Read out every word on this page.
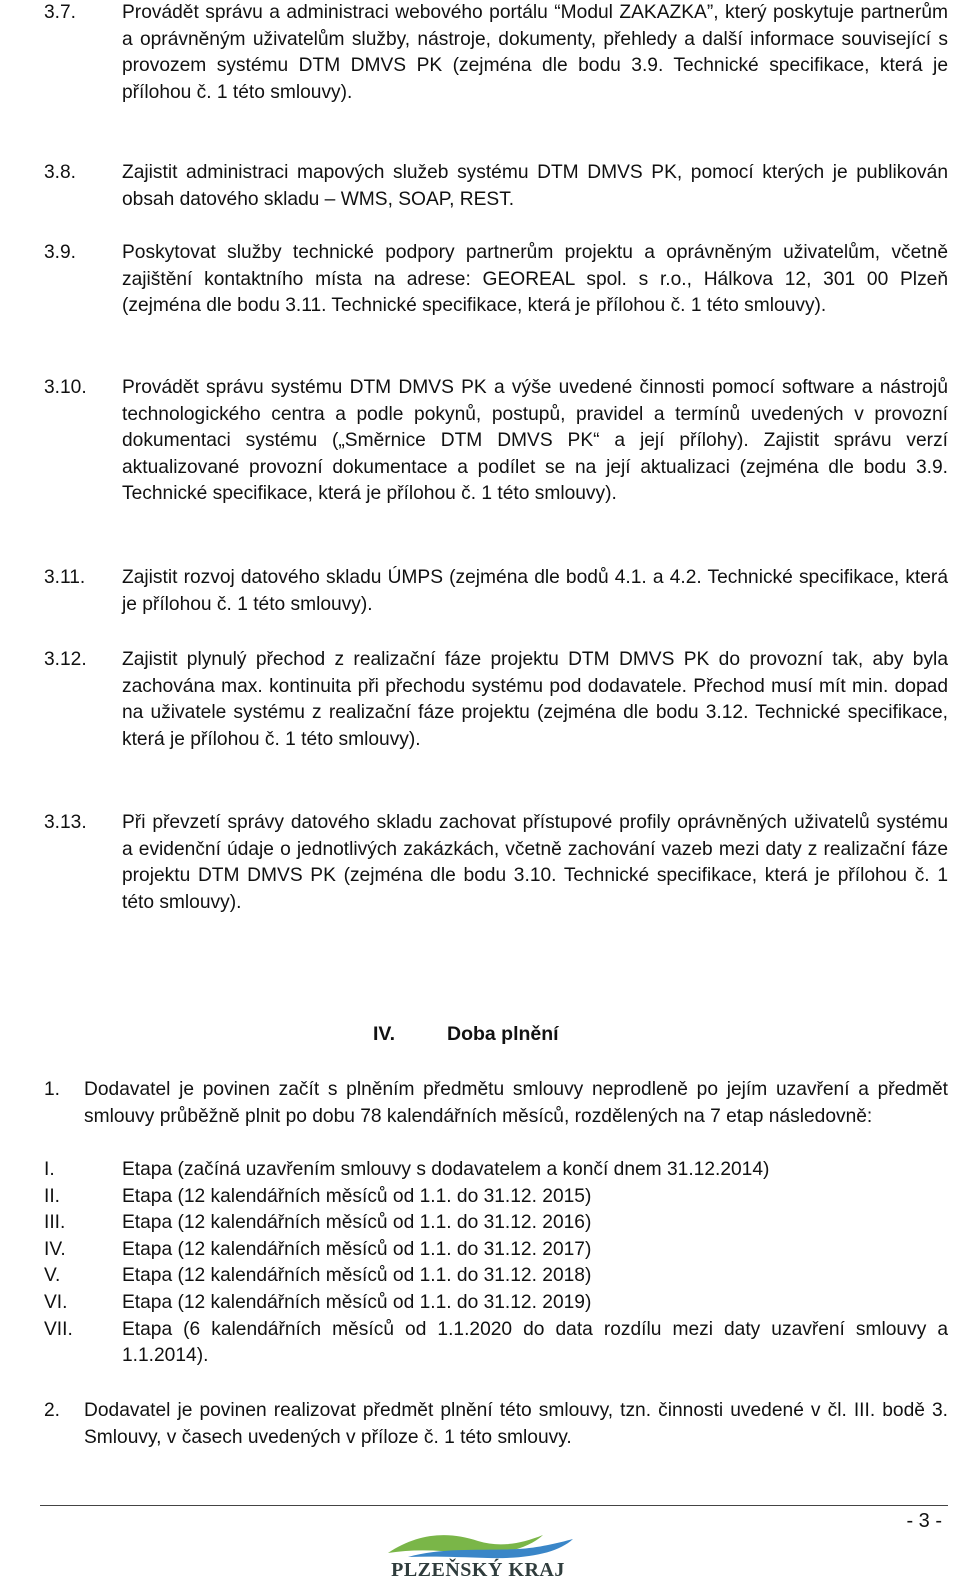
3.7. Provádět správu a administraci webového portálu “Modul ZAKAZKA”, který poskytuje partnerům a oprávněným uživatelům služby, nástroje, dokumenty, přehledy a další informace související s provozem systému DTM DMVS PK (zejména dle bodu 3.9. Technické specifikace, která je přílohou č. 1 této smlouvy).
3.8. Zajistit administraci mapových služeb systému DTM DMVS PK, pomocí kterých je publikován obsah datového skladu – WMS, SOAP, REST.
3.9. Poskytovat služby technické podpory partnerům projektu a oprávněným uživatelům, včetně zajištění kontaktního místa na adrese: GEOREAL spol. s r.o., Hálkova 12, 301 00 Plzeň (zejména dle bodu 3.11. Technické specifikace, která je přílohou č. 1 této smlouvy).
3.10. Provádět správu systému DTM DMVS PK a výše uvedené činnosti pomocí software a nástrojů technologického centra a podle pokynů, postupů, pravidel a termínů uvedených v provozní dokumentaci systému („Směrnice DTM DMVS PK“ a její přílohy). Zajistit správu verzí aktualizované provozní dokumentace a podílet se na její aktualizaci (zejména dle bodu 3.9. Technické specifikace, která je přílohou č. 1 této smlouvy).
3.11. Zajistit rozvoj datového skladu ÚMPS (zejména dle bodů 4.1. a 4.2. Technické specifikace, která je přílohou č. 1 této smlouvy).
3.12. Zajistit plynulý přechod z realizační fáze projektu DTM DMVS PK do provozní tak, aby byla zachována max. kontinuita při přechodu systému pod dodavatele. Přechod musí mít min. dopad na uživatele systému z realizační fáze projektu (zejména dle bodu 3.12. Technické specifikace, která je přílohou č. 1 této smlouvy).
3.13. Při převzetí správy datového skladu zachovat přístupové profily oprávněných uživatelů systému a evidenční údaje o jednotlivých zakázkách, včetně zachování vazeb mezi daty z realizační fáze projektu DTM DMVS PK (zejména dle bodu 3.10. Technické specifikace, která je přílohou č. 1 této smlouvy).
IV.	Doba plnění
1. Dodavatel je povinen začít s plněním předmětu smlouvy neprodleně po jejím uzavření a předmět smlouvy průběžně plnit po dobu 78 kalendářních měsíců, rozdělených na 7 etap následovně:
I.	Etapa (začíná uzavřením smlouvy s dodavatelem a končí dnem 31.12.2014)
II.	Etapa (12 kalendářních měsíců od 1.1. do 31.12. 2015)
III.	Etapa (12 kalendářních měsíců od 1.1. do 31.12. 2016)
IV.	Etapa (12 kalendářních měsíců od 1.1. do 31.12. 2017)
V.	Etapa (12 kalendářních měsíců od 1.1. do 31.12. 2018)
VI.	Etapa (12 kalendářních měsíců od 1.1. do 31.12. 2019)
VII.	Etapa (6 kalendářních měsíců od 1.1.2020 do data rozdílu mezi daty uzavření smlouvy a 1.1.2014).
2. Dodavatel je povinen realizovat předmět plnění této smlouvy, tzn. činnosti uvedené v čl. III. bodě 3. Smlouvy, v časech uvedených v příloze č. 1 této smlouvy.
- 3 -
PLZEŇSKÝ KRAJ
